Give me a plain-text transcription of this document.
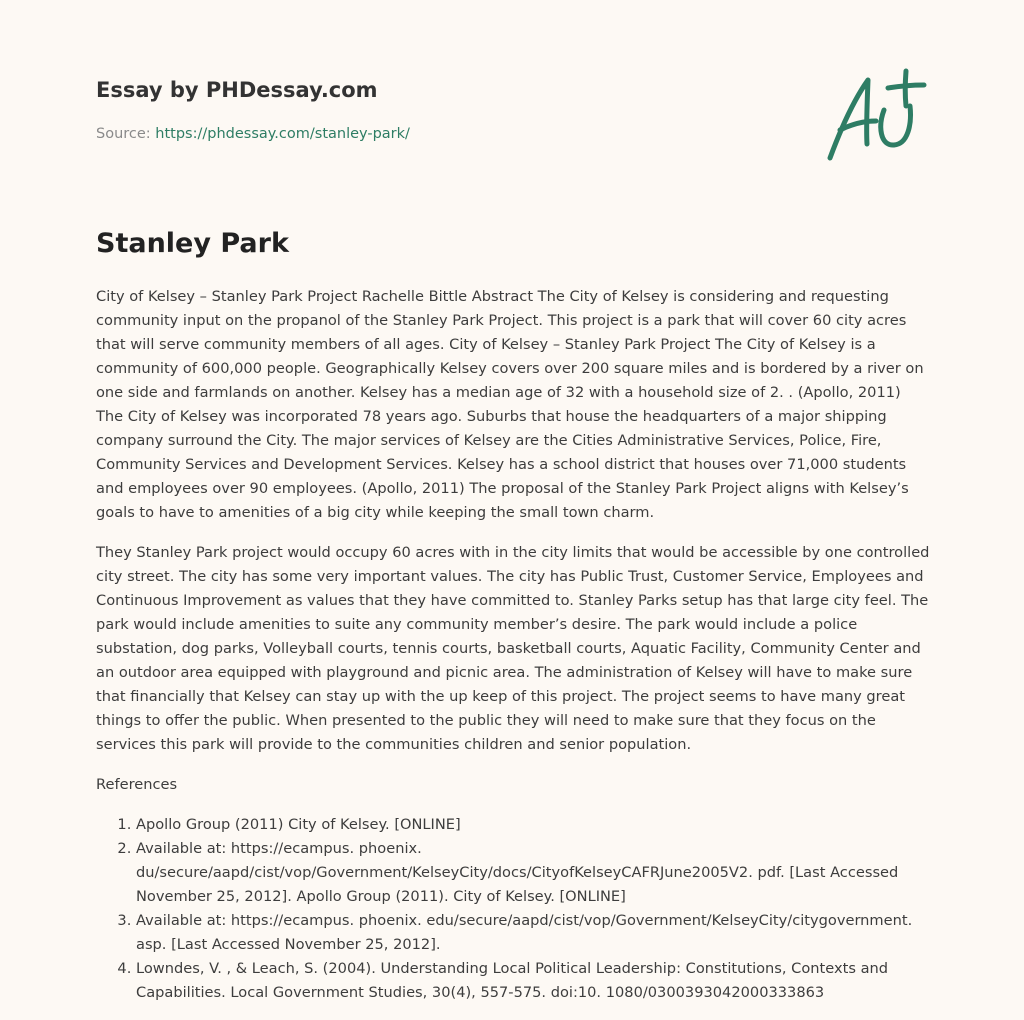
Essay by PHDessay.com
Source: https://phdessay.com/stanley-park/
Stanley Park

City of Kelsey – Stanley Park Project Rachelle Bittle Abstract The City of Kelsey is considering and requesting community input on the propanol of the Stanley Park Project. This project is a park that will cover 60 city acres that will serve community members of all ages. City of Kelsey – Stanley Park Project The City of Kelsey is a community of 600,000 people. Geographically Kelsey covers over 200 square miles and is bordered by a river on one side and farmlands on another. Kelsey has a median age of 32 with a household size of 2. . (Apollo, 2011) The City of Kelsey was incorporated 78 years ago. Suburbs that house the headquarters of a major shipping company surround the City. The major services of Kelsey are the Cities Administrative Services, Police, Fire, Community Services and Development Services. Kelsey has a school district that houses over 71,000 students and employees over 90 employees. (Apollo, 2011) The proposal of the Stanley Park Project aligns with Kelsey’s goals to have to amenities of a big city while keeping the small town charm.

They Stanley Park project would occupy 60 acres with in the city limits that would be accessible by one controlled city street. The city has some very important values. The city has Public Trust, Customer Service, Employees and Continuous Improvement as values that they have committed to. Stanley Parks setup has that large city feel. The park would include amenities to suite any community member’s desire. The park would include a police substation, dog parks, Volleyball courts, tennis courts, basketball courts, Aquatic Facility, Community Center and an outdoor area equipped with playground and picnic area. The administration of Kelsey will have to make sure that financially that Kelsey can stay up with the up keep of this project. The project seems to have many great things to offer the public. When presented to the public they will need to make sure that they focus on the services this park will provide to the communities children and senior population.

References

1. Apollo Group (2011) City of Kelsey. [ONLINE]
2. Available at: https://ecampus. phoenix. du/secure/aapd/cist/vop/Government/KelseyCity/docs/CityofKelseyCAFRJune2005V2. pdf. [Last Accessed November 25, 2012]. Apollo Group (2011). City of Kelsey. [ONLINE]
3. Available at: https://ecampus. phoenix. edu/secure/aapd/cist/vop/Government/KelseyCity/citygovernment. asp. [Last Accessed November 25, 2012].
4. Lowndes, V. , & Leach, S. (2004). Understanding Local Political Leadership: Constitutions, Contexts and Capabilities. Local Government Studies, 30(4), 557-575. doi:10. 1080/0300393042000333863
